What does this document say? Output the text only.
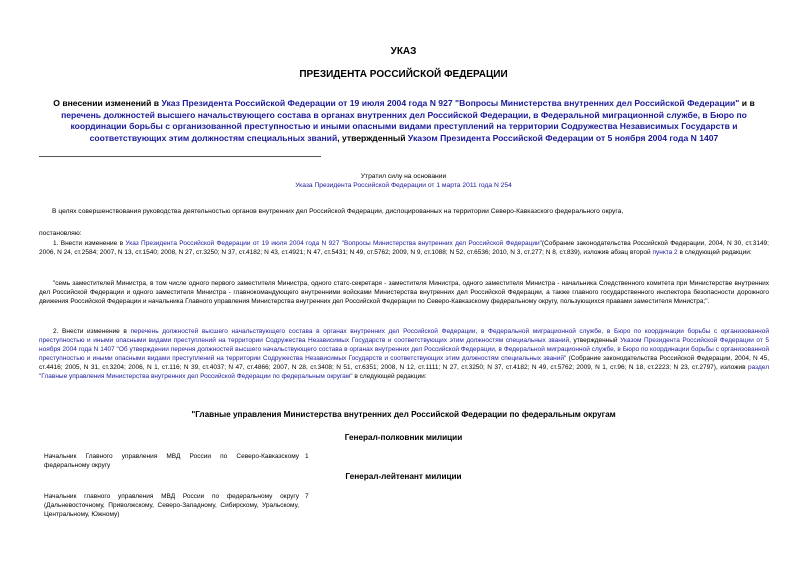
УКАЗ
ПРЕЗИДЕНТА РОССИЙСКОЙ ФЕДЕРАЦИИ
О внесении изменений в Указ Президента Российской Федерации от 19 июля 2004 года N 927 "Вопросы Министерства внутренних дел Российской Федерации" и в перечень должностей высшего начальствующего состава в органах внутренних дел Российской Федерации, в Федеральной миграционной службе, в Бюро по координации борьбы с организованной преступностью и иными опасными видами преступлений на территории Содружества Независимых Государств и соответствующих этим должностям специальных званий, утвержденный Указом Президента Российской Федерации от 5 ноября 2004 года N 1407
Утратил силу на основании
Указа Президента Российской Федерации от 1 марта 2011 года N 254
В целях совершенствования руководства деятельностью органов внутренних дел Российской Федерации, дислоцированных на территории Северо-Кавказского федерального округа,
постановляю:
1. Внести изменение в Указ Президента Российской Федерации от 19 июля 2004 года N 927 "Вопросы Министерства внутренних дел Российской Федерации"(Собрание законодательства Российской Федерации, 2004, N 30, ст.3149; 2006, N 24, ст.2584; 2007, N 13, ст.1540; 2008, N 27, ст.3250; N 37, ст.4182; N 43, ст.4921; N 47, ст.5431; N 49, ст.5762; 2009, N 9, ст.1088; N 52, ст.6536; 2010, N 3, ст.277; N 8, ст.839), изложив абзац второй пункта 2 в следующей редакции:
"семь заместителей Министра, в том числе одного первого заместителя Министра, одного статс-секретаря - заместителя Министра, одного заместителя Министра - начальника Следственного комитета при Министерстве внутренних дел Российской Федерации и одного заместителя Министра - главнокомандующего внутренними войсками Министерства внутренних дел Российской Федерации, а также главного государственного инспектора безопасности дорожного движения Российской Федерации и начальника Главного управления Министерства внутренних дел Российской Федерации по Северо-Кавказскому федеральному округу, пользующихся правами заместителя Министра;".
2. Внести изменение в перечень должностей высшего начальствующего состава в органах внутренних дел Российской Федерации, в Федеральной миграционной службе, в Бюро по координации борьбы с организованной преступностью и иными опасными видами преступлений на территории Содружества Независимых Государств и соответствующих этим должностям специальных званий, утвержденный Указом Президента Российской Федерации от 5 ноября 2004 года N 1407 "Об утверждении перечня должностей высшего начальствующего состава в органах внутренних дел Российской Федерации, в Федеральной миграционной службе, в Бюро по координации борьбы с организованной преступностью и иными опасными видами преступлений на территории Содружества Независимых Государств и соответствующих этим должностям специальных званий" (Собрание законодательства Российской Федерации, 2004, N 45, ст.4416; 2005, N 31, ст.3204; 2006, N 1, ст.116; N 39, ст.4037; N 47, ст.4866; 2007, N 28, ст.3408; N 51, ст.6351; 2008, N 12, ст.1111; N 27, ст.3250; N 37, ст.4182; N 49, ст.5762; 2009, N 1, ст.96; N 18, ст.2223; N 23, ст.2797), изложив раздел "Главные управления Министерства внутренних дел Российской Федерации по федеральным округам" в следующей редакции:
"Главные управления Министерства внутренних дел Российской Федерации по федеральным округам
Генерал-полковник милиции
Начальник Главного управления МВД России по Северо-Кавказскому федеральному округу
1
Генерал-лейтенант милиции
Начальник главного управления МВД России по федеральному округу (Дальневосточному, Приволжскому, Северо-Западному, Сибирскому, Уральскому, Центральному, Южному)
7
